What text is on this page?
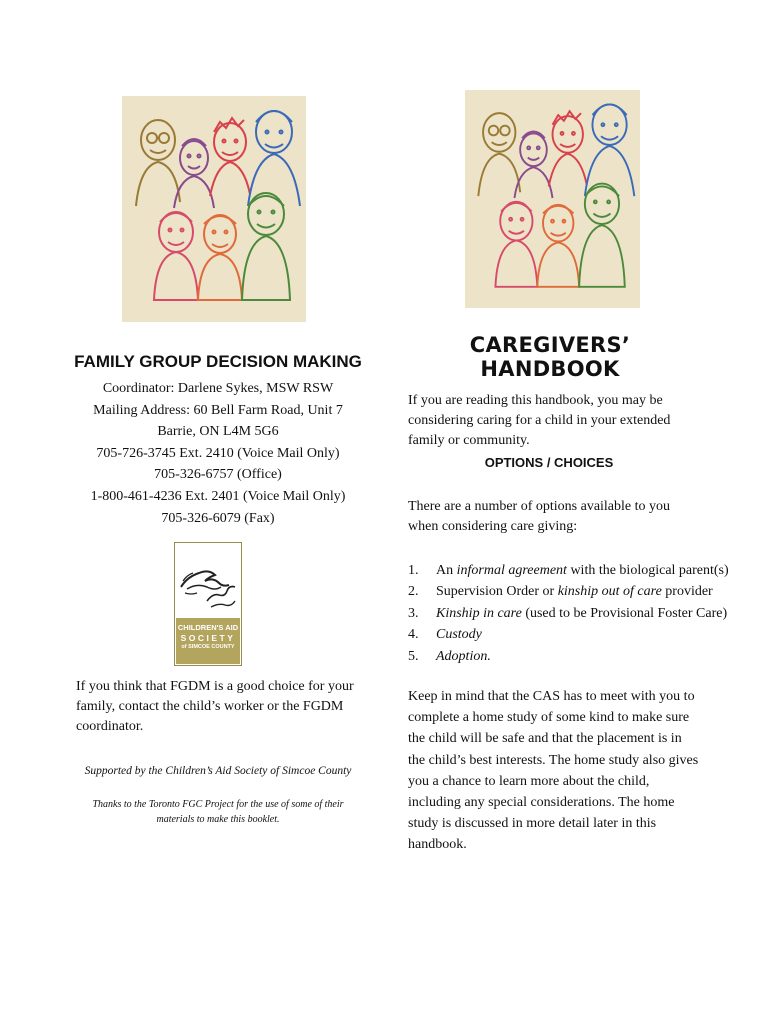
FAMILY GROUP DECISION MAKING
Coordinator: Darlene Sykes, MSW RSW
Mailing Address: 60 Bell Farm Road, Unit 7
Barrie, ON L4M 5G6
705-726-3745 Ext. 2410 (Voice Mail Only)
705-326-6757 (Office)
1-800-461-4236 Ext. 2401 (Voice Mail Only)
705-326-6079 (Fax)
CHILDREN'S AID
SOCIETY
of SIMCOE COUNTY
If you think that FGDM is a good choice for your family, contact the child’s worker or the FGDM coordinator.
Supported by the Children’s Aid Society of Simcoe County
Thanks to the Toronto FGC Project for the use of some of their materials to make this booklet.
CAREGIVERS’ HANDBOOK
If you are reading this handbook, you may be considering caring for a child in your extended family or community.
OPTIONS / CHOICES
There are a number of options available to you when considering care giving:
1. An informal agreement with the biological parent(s)
2. Supervision Order or kinship out of care provider
3. Kinship in care (used to be Provisional Foster Care)
4. Custody
5. Adoption.
Keep in mind that the CAS has to meet with you to complete a home study of some kind to make sure the child will be safe and that the placement is in the child’s best interests. The home study also gives you a chance to learn more about the child, including any special considerations. The home study is discussed in more detail later in this handbook.
